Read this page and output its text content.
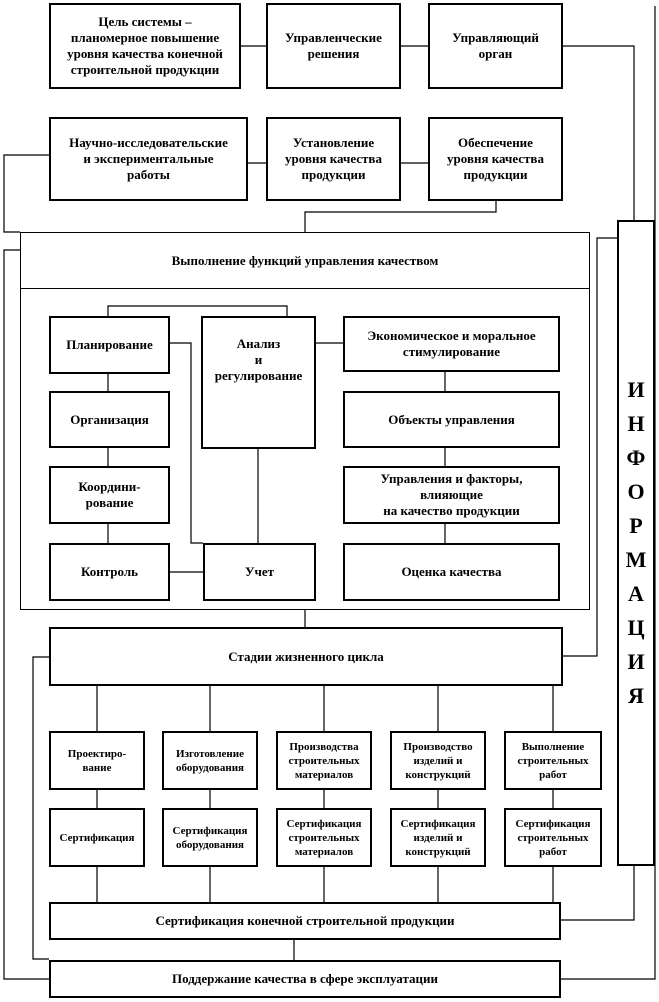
Цель системы –
планомерное повышение
уровня качества конечной
строительной продукции
Управленческие
решения
Управляющий
орган
Научно-исследовательские
и экспериментальные
работы
Установление
уровня качества
продукции
Обеспечение
уровня качества
продукции
Выполнение функций управления качеством
Планирование
Организация
Координи-
рование
Контроль
Анализ
и
регулирование
Учет
Экономическое и моральное
стимулирование
Объекты управления
Управления и факторы,
влияющие
на качество продукции
Оценка качества
Стадии жизненного цикла
Проектиро-
вание
Изготовление
оборудования
Производства
строительных
материалов
Производство
изделий и
конструкций
Выполнение
строительных
работ
Сертификация
Сертификация
оборудования
Сертификация
строительных
материалов
Сертификация
изделий и
конструкций
Сертификация
строительных
работ
Сертификация конечной строительной продукции
Поддержание качества в сфере эксплуатации
И
Н
Ф
О
Р
М
А
Ц
И
Я
